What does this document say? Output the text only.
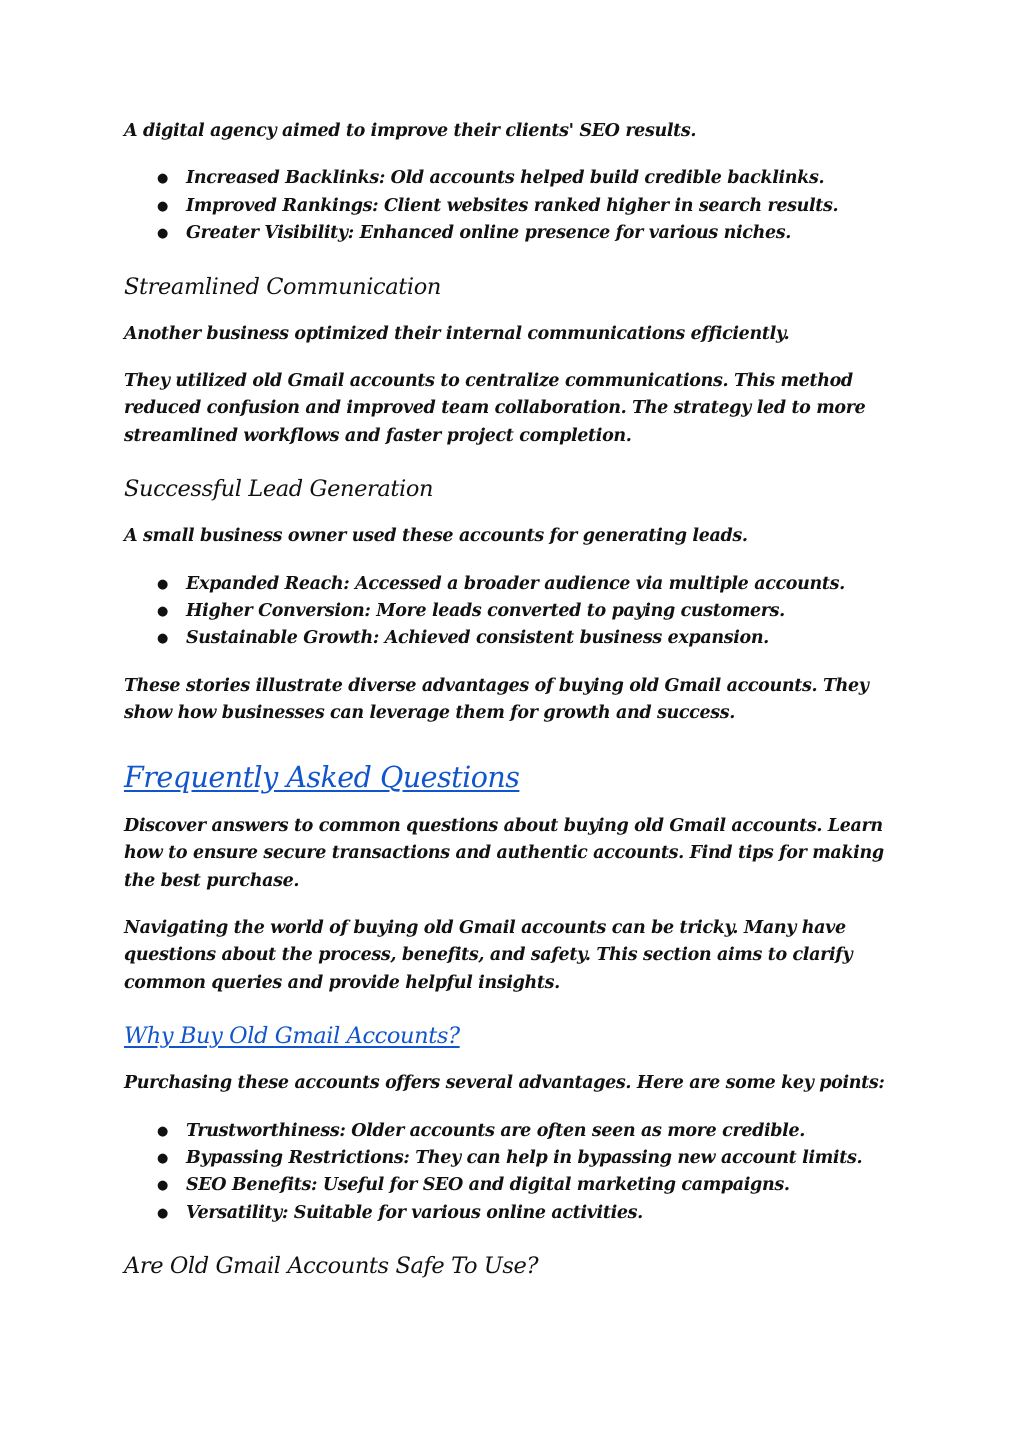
A digital agency aimed to improve their clients' SEO results.

● Increased Backlinks: Old accounts helped build credible backlinks.
● Improved Rankings: Client websites ranked higher in search results.
● Greater Visibility: Enhanced online presence for various niches.
Streamlined Communication

Another business optimized their internal communications efficiently.

They utilized old Gmail accounts to centralize communications. This method reduced confusion and improved team collaboration. The strategy led to more streamlined workflows and faster project completion.

Successful Lead Generation

A small business owner used these accounts for generating leads.

● Expanded Reach: Accessed a broader audience via multiple accounts.
● Higher Conversion: More leads converted to paying customers.
● Sustainable Growth: Achieved consistent business expansion.

These stories illustrate diverse advantages of buying old Gmail accounts. They show how businesses can leverage them for growth and success.

Frequently Asked Questions

Discover answers to common questions about buying old Gmail accounts. Learn how to ensure secure transactions and authentic accounts. Find tips for making the best purchase.

Navigating the world of buying old Gmail accounts can be tricky. Many have questions about the process, benefits, and safety. This section aims to clarify common queries and provide helpful insights.

Why Buy Old Gmail Accounts?

Purchasing these accounts offers several advantages. Here are some key points:

● Trustworthiness: Older accounts are often seen as more credible.
● Bypassing Restrictions: They can help in bypassing new account limits.
● SEO Benefits: Useful for SEO and digital marketing campaigns.
● Versatility: Suitable for various online activities.
Are Old Gmail Accounts Safe To Use?
